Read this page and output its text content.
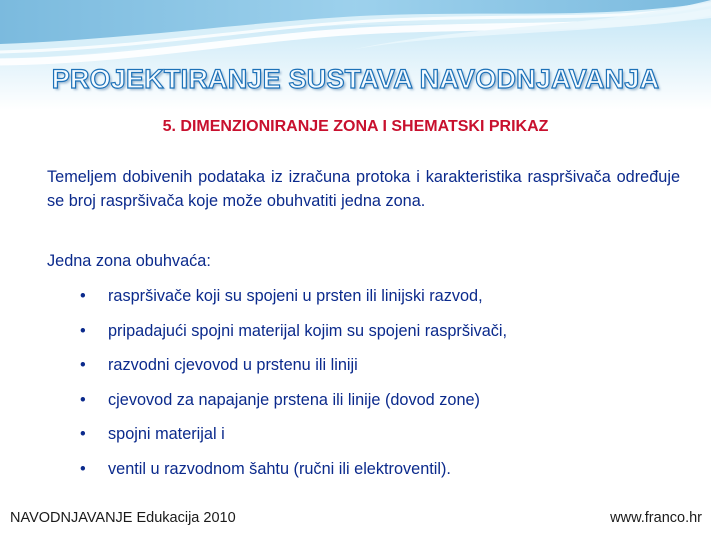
PROJEKTIRANJE SUSTAVA NAVODNJAVANJA
5. DIMENZIONIRANJE ZONA I SHEMATSKI PRIKAZ

Temeljem dobivenih podataka iz izračuna protoka i karakteristika raspršivača određuje se broj raspršivača koje može obuhvatiti jedna zona.

Jedna zona obuhvaća:
•	raspršivače koji su spojeni u prsten ili linijski razvod,
•	pripadajući spojni materijal kojim su spojeni raspršivači,
•	razvodni cjevovod u prstenu ili liniji
•	cjevovod za napajanje prstena ili linije (dovod zone)
•	spojni materijal i
•	ventil u razvodnom šahtu (ručni ili elektroventil).
NAVODNJAVANJE Edukacija 2010	www.franco.hr
